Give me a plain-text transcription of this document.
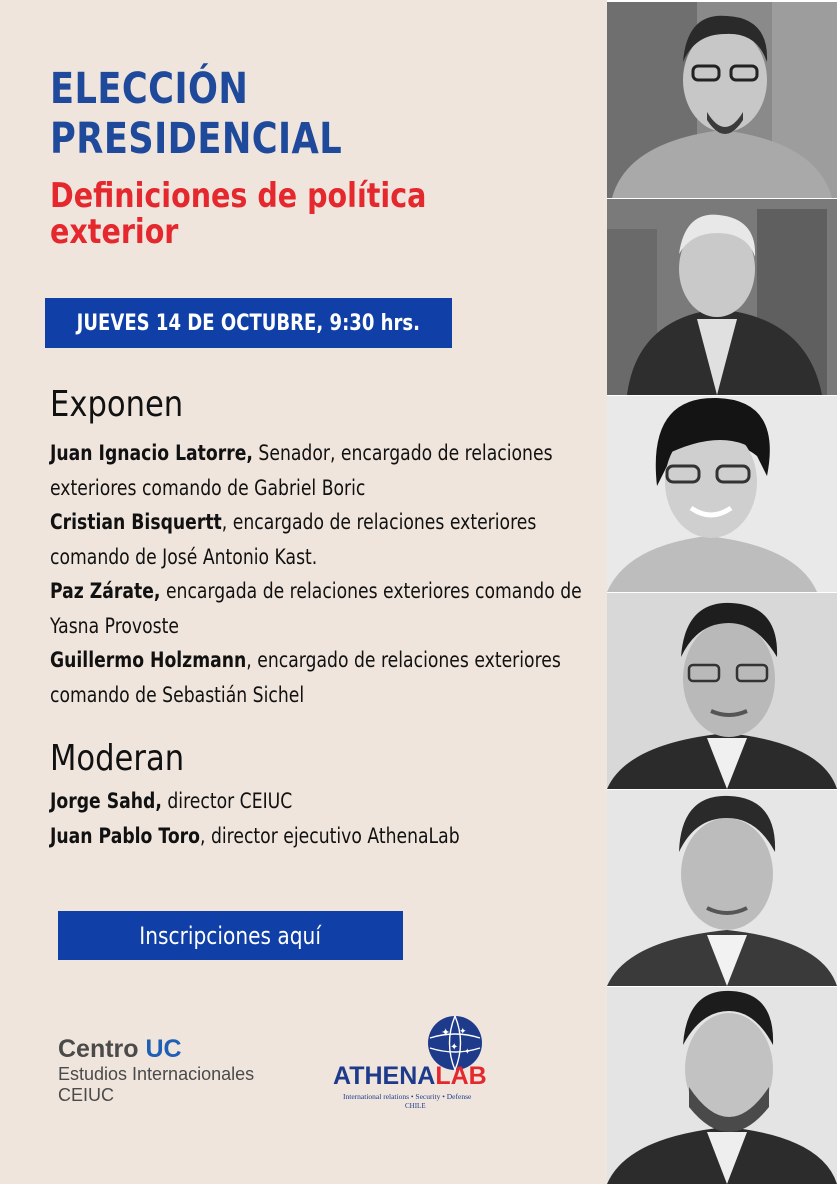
ELECCIÓN
PRESIDENCIAL
Definiciones de política
exterior
JUEVES 14 DE OCTUBRE, 9:30 hrs.
Exponen

Juan Ignacio Latorre, Senador, encargado de relaciones
exteriores comando de Gabriel Boric

Cristian Bisquertt, encargado de relaciones exteriores
comando de José Antonio Kast.

Paz Zárate, encargada de relaciones exteriores comando de
Yasna Provoste

Guillermo Holzmann, encargado de relaciones exteriores
comando de Sebastián Sichel

Moderan

Jorge Sahd, director CEIUC

Juan Pablo Toro, director ejecutivo AthenaLab

Inscripciones aquí
Centro UC
Estudios Internacionales
CEIUC
✦ ✦
✦ ✦
ATHENALAB
International relations • Security • Defense
CHILE
